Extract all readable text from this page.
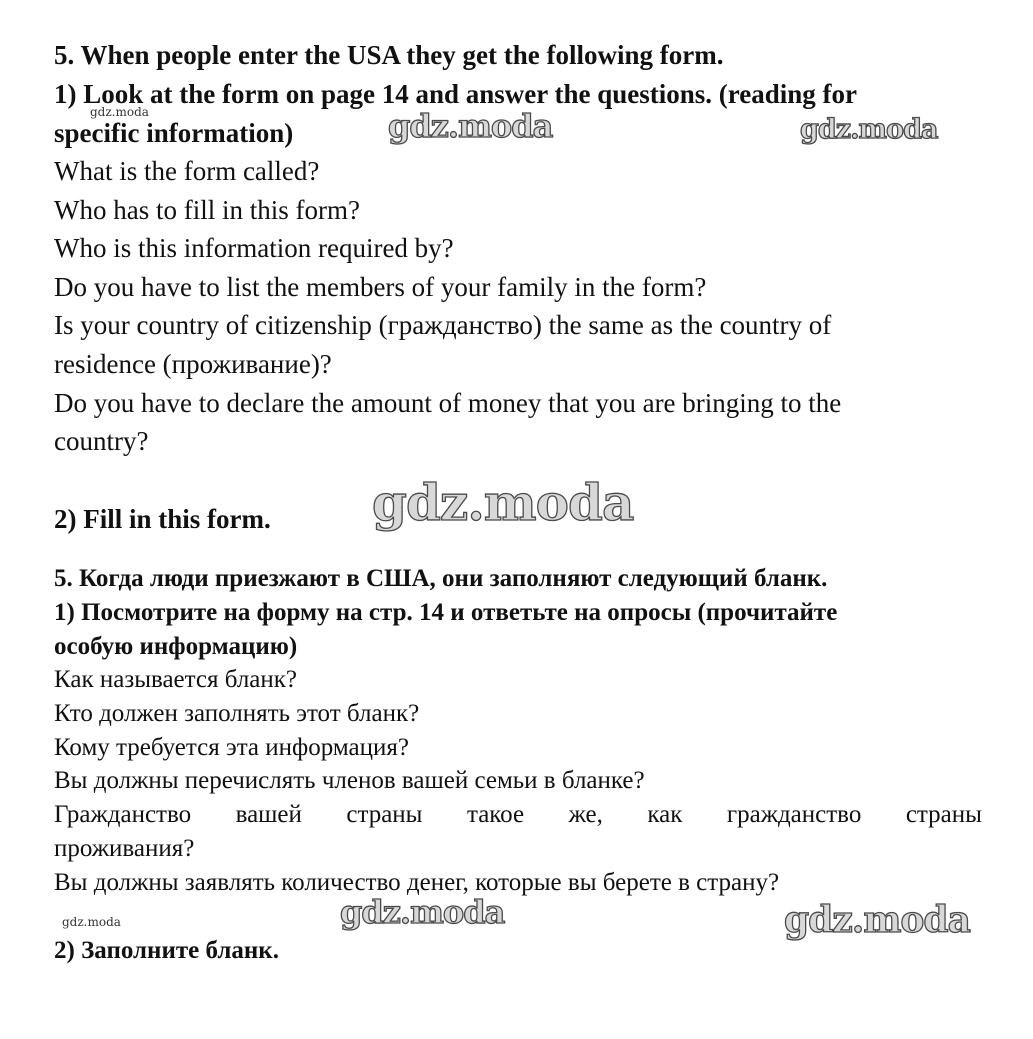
5. When people enter the USA they get the following form.
1) Look at the form on page 14 and answer the questions. (reading for
specific information)
What is the form called?
Who has to fill in this form?
Who is this information required by?
Do you have to list the members of your family in the form?
Is your country of citizenship (гражданство) the same as the country of
residence (проживание)?
Do you have to declare the amount of money that you are bringing to the
country?
2) Fill in this form.
5. Когда люди приезжают в США, они заполняют следующий бланк.
1) Посмотрите на форму на стр. 14 и ответьте на опросы (прочитайте
особую информацию)
Как называется бланк?
Кто должен заполнять этот бланк?
Кому требуется эта информация?
Вы должны перечислять членов вашей семьи в бланке?
Гражданство вашей страны такое же, как гражданство страны
проживания?
Вы должны заявлять количество денег, которые вы берете в страну?
2) Заполните бланк.
gdz.moda	gdz.moda	gdz.moda
gdz.moda
gdz.moda	gdz.moda	gdz.moda
